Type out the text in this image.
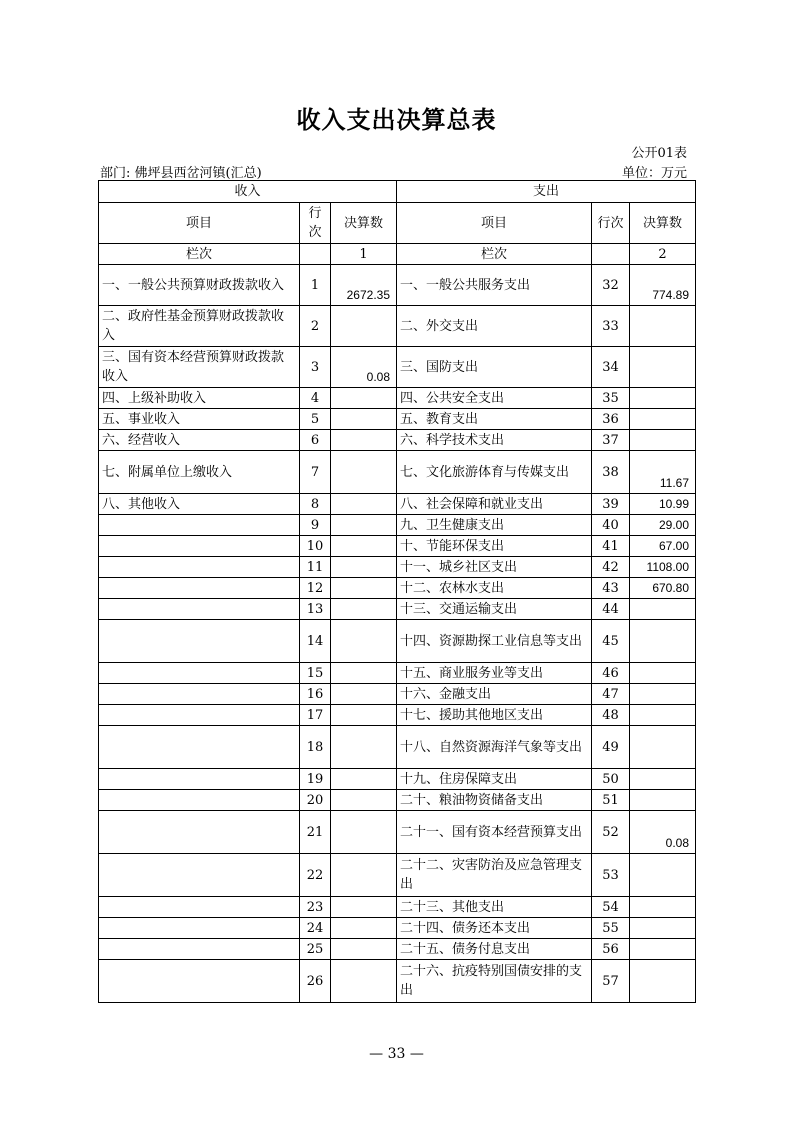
收入支出决算总表
公开01表
部门: 佛坪县西岔河镇(汇总)	单位：万元
收入			支出		
项目	行次	决算数	项目	行次	决算数
栏次		1	栏次		2
一、一般公共预算财政拨款收入	1	2672.35	一、一般公共服务支出	32	774.89
二、政府性基金预算财政拨款收入	2		二、外交支出	33	
三、国有资本经营预算财政拨款收入	3	0.08	三、国防支出	34	
四、上级补助收入	4		四、公共安全支出	35	
五、事业收入	5		五、教育支出	36	
六、经营收入	6		六、科学技术支出	37	
七、附属单位上缴收入	7		七、文化旅游体育与传媒支出	38	11.67
八、其他收入	8		八、社会保障和就业支出	39	10.99
	9		九、卫生健康支出	40	29.00
	10		十、节能环保支出	41	67.00
	11		十一、城乡社区支出	42	1108.00
	12		十二、农林水支出	43	670.80
	13		十三、交通运输支出	44	
	14		十四、资源勘探工业信息等支出	45	
	15		十五、商业服务业等支出	46	
	16		十六、金融支出	47	
	17		十七、援助其他地区支出	48	
	18		十八、自然资源海洋气象等支出	49	
	19		十九、住房保障支出	50	
	20		二十、粮油物资储备支出	51	
	21		二十一、国有资本经营预算支出	52	0.08
	22		二十二、灾害防治及应急管理支出	53	
	23		二十三、其他支出	54	
	24		二十四、债务还本支出	55	
	25		二十五、债务付息支出	56	
	26		二十六、抗疫特别国债安排的支出	57	
— 33 —
